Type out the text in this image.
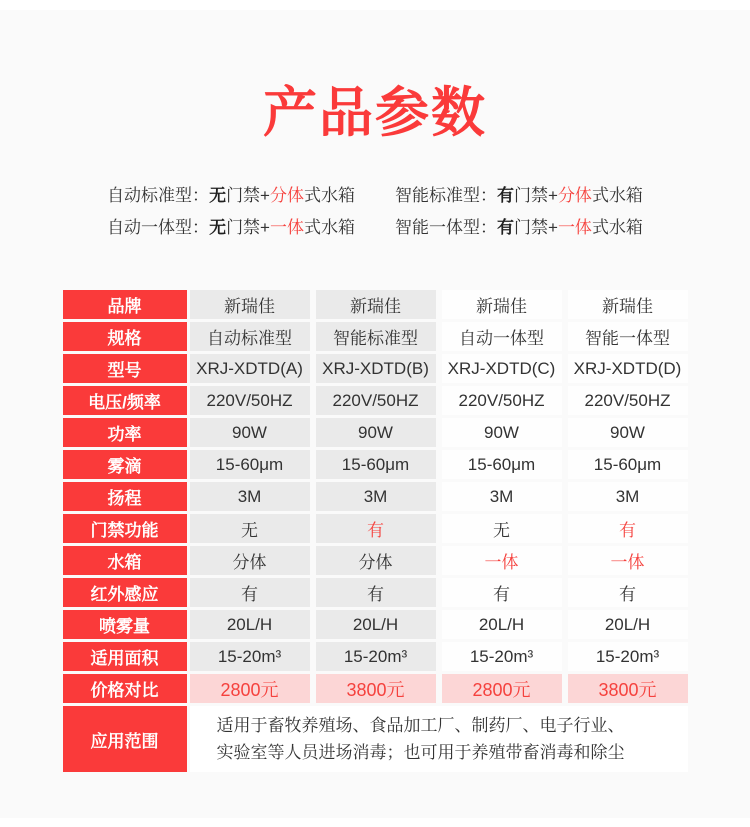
产品参数
自动标准型：无门禁+分体式水箱 智能标准型：有门禁+分体式水箱
自动一体型：无门禁+一体式水箱 智能一体型：有门禁+一体式水箱
品牌	新瑞佳	新瑞佳	新瑞佳	新瑞佳
规格	自动标准型	智能标准型	自动一体型	智能一体型
型号	XRJ-XDTD(A)	XRJ-XDTD(B)	XRJ-XDTD(C)	XRJ-XDTD(D)
电压/频率	220V/50HZ	220V/50HZ	220V/50HZ	220V/50HZ
功率	90W	90W	90W	90W
雾滴	15-60μm	15-60μm	15-60μm	15-60μm
扬程	3M	3M	3M	3M
门禁功能	无	有	无	有
水箱	分体	分体	一体	一体
红外感应	有	有	有	有
喷雾量	20L/H	20L/H	20L/H	20L/H
适用面积	15-20m³	15-20m³	15-20m³	15-20m³
价格对比	2800元	3800元	2800元	3800元
应用范围
适用于畜牧养殖场、食品加工厂、制药厂、电子行业、
实验室等人员进场消毒；也可用于养殖带畜消毒和除尘
